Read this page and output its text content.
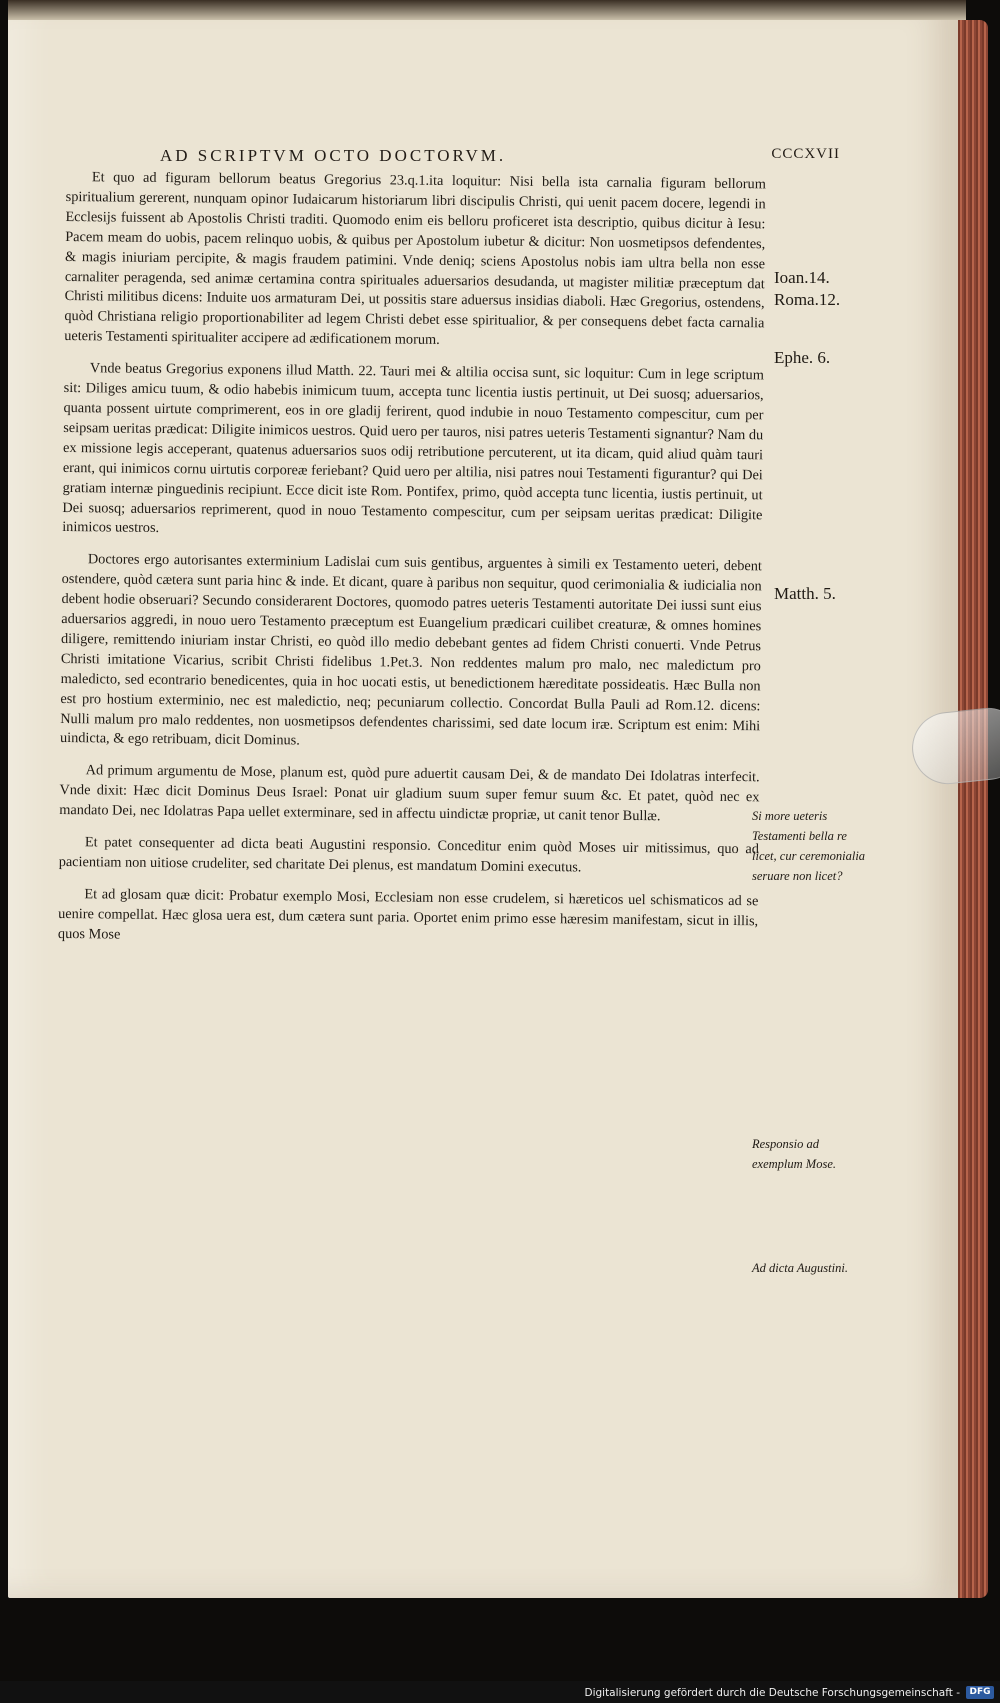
AD SCRIPTVM OCTO DOCTORVM.	CCCXVII

Et quo ad figuram bellorum beatus Gregorius 23.q.1.ita loquitur: Nisi bella ista carnalia figuram bellorum spiritualium gererent, nunquam opinor Iudaicarum historiarum libri discipulis Christi, qui uenit pacem docere, legendi in Ecclesijs fuissent ab Apostolis Christi traditi. Quomodo enim eis belloru proficeret ista descriptio, quibus dicitur à Iesu: Pacem meam do uobis, pacem relinquo uobis, & quibus per Apostolum iubetur & dicitur: Non uosmetipsos defendentes, & magis iniuriam percipite, & magis fraudem patimini. Vnde deniq; sciens Apostolus nobis iam ultra bella non esse carnaliter peragenda, sed animæ certamina contra spirituales aduersarios desudanda, ut magister militiæ præceptum dat Christi militibus dicens: Induite uos armaturam Dei, ut possitis stare aduersus insidias diaboli. Hæc Gregorius, ostendens, quòd Christiana religio proportionabiliter ad legem Christi debet esse spiritualior, & per consequens debet facta carnalia ueteris Testamenti spiritualiter accipere ad ædificationem morum.

Vnde beatus Gregorius exponens illud Matth. 22. Tauri mei & altilia occisa sunt, sic loquitur: Cum in lege scriptum sit: Diliges amicu tuum, & odio habebis inimicum tuum, accepta tunc licentia iustis pertinuit, ut Dei suosq; aduersarios, quanta possent uirtute comprimerent, eos in ore gladij ferirent, quod indubie in nouo Testamento compescitur, cum per seipsam ueritas prædicat: Diligite inimicos uestros. Quid uero per tauros, nisi patres ueteris Testamenti signantur? Nam du ex missione legis acceperant, quatenus aduersarios suos odij retributione percuterent, ut ita dicam, quid aliud quàm tauri erant, qui inimicos cornu uirtutis corporeæ feriebant? Quid uero per altilia, nisi patres noui Testamenti figurantur? qui Dei gratiam internæ pinguedinis recipiunt. Ecce dicit iste Rom. Pontifex, primo, quòd accepta tunc licentia, iustis pertinuit, ut Dei suosq; aduersarios reprimerent, quod in nouo Testamento compescitur, cum per seipsam ueritas prædicat: Diligite inimicos uestros.

Doctores ergo autorisantes exterminium Ladislai cum suis gentibus, arguentes à simili ex Testamento ueteri, debent ostendere, quòd cætera sunt paria hinc & inde. Et dicant, quare à paribus non sequitur, quod cerimonialia & iudicialia non debent hodie obseruari? Secundo considerarent Doctores, quomodo patres ueteris Testamenti autoritate Dei iussi sunt eius aduersarios aggredi, in nouo uero Testamento præceptum est Euangelium prædicari cuilibet creaturæ, & omnes homines diligere, remittendo iniuriam instar Christi, eo quòd illo medio debebant gentes ad fidem Christi conuerti. Vnde Petrus Christi imitatione Vicarius, scribit Christi fidelibus 1.Pet.3. Non reddentes malum pro malo, nec maledictum pro maledicto, sed econtrario benedicentes, quia in hoc uocati estis, ut benedictionem hæreditate possideatis. Hæc Bulla non est pro hostium exterminio, nec est maledictio, neq; pecuniarum collectio. Concordat Bulla Pauli ad Rom.12. dicens: Nulli malum pro malo reddentes, non uosmetipsos defendentes charissimi, sed date locum iræ. Scriptum est enim: Mihi uindicta, & ego retribuam, dicit Dominus.

Ad primum argumentu de Mose, planum est, quòd pure aduertit causam Dei, & de mandato Dei Idolatras interfecit. Vnde dixit: Hæc dicit Dominus Deus Israel: Ponat uir gladium suum super femur suum &c. Et patet, quòd nec ex mandato Dei, nec Idolatras Papa uellet exterminare, sed in affectu uindictæ propriæ, ut canit tenor Bullæ.

Et patet consequenter ad dicta beati Augustini responsio. Conceditur enim quòd Moses uir mitissimus, quo ad pacientiam non uitiose crudeliter, sed charitate Dei plenus, est mandatum Domini executus.

Et ad glosam quæ dicit: Probatur exemplo Mosi, Ecclesiam non esse crudelem, si hæreticos uel schismaticos ad se uenire compellat. Hæc glosa uera est, dum cætera sunt paria. Oportet enim primo esse hæresim manifestam, sicut in illis, quos Mose

Ioan.14.
Roma.12.
Ephe. 6.
Matth. 5.
Si more ueteris Testamenti bella re licet, cur ceremonialia seruare non licet?
Responsio ad exemplum Mose.
Ad dicta Augustini.
Digitalisierung gefördert durch die Deutsche Forschungsgemeinschaft -	DFG
